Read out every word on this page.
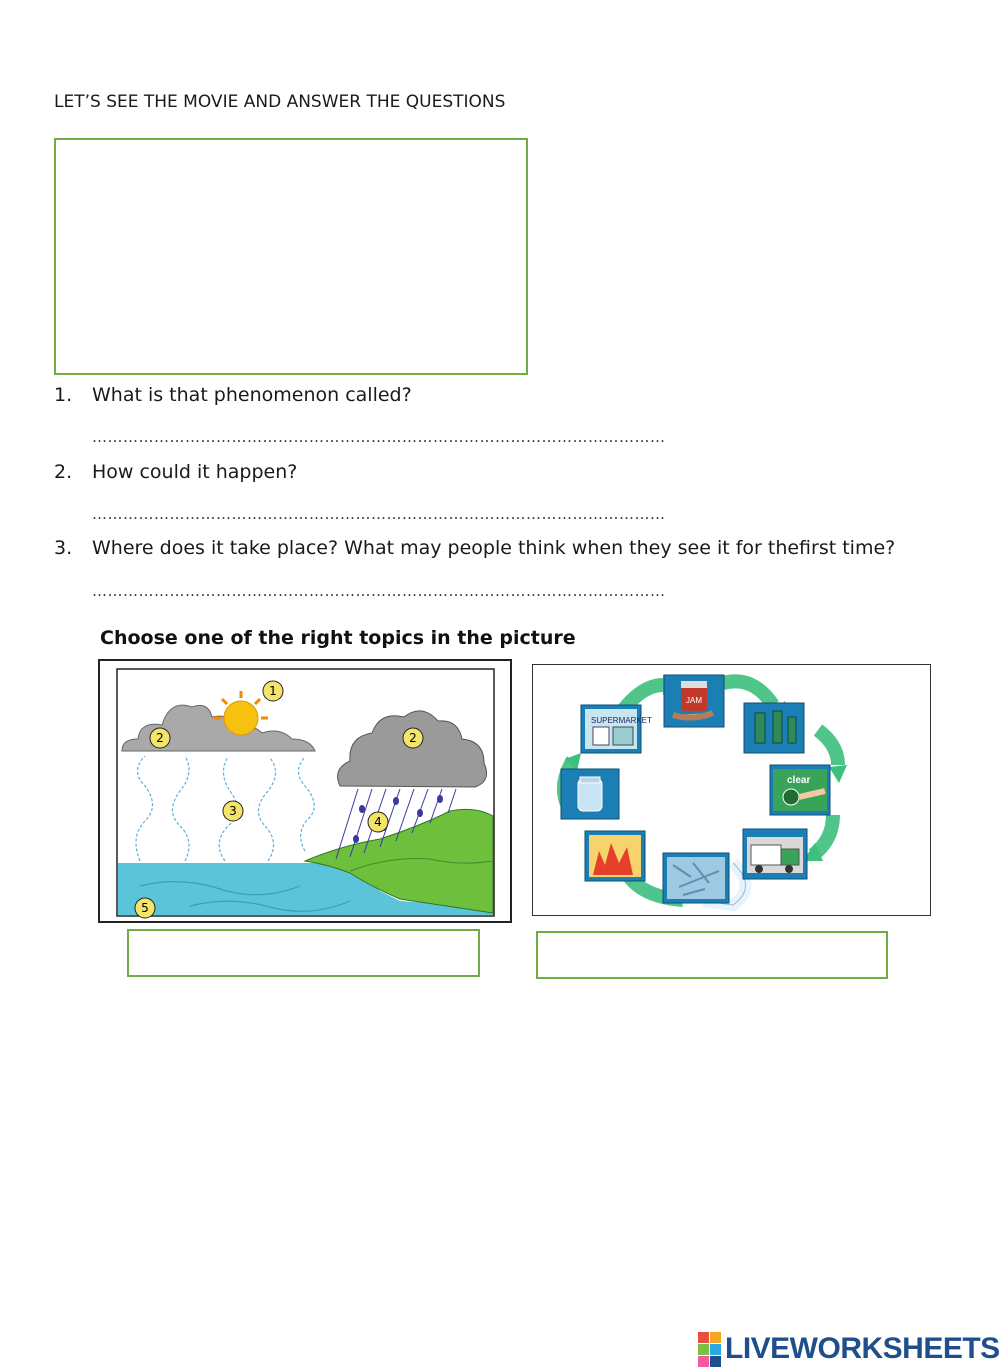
LET’S SEE THE MOVIE AND ANSWER THE QUESTIONS
1. What is that phenomenon called?
…………………………………………………………………………………………………
2. How could it happen?
…………………………………………………………………………………………………
3. Where does it take place? What may people think when they see it for thefirst time?
…………………………………………………………………………………………………
Choose one of the right topics in the picture
1
2	2
3
4
5
SUPERMARKET
JAM
clear
LIVEWORKSHEETS
